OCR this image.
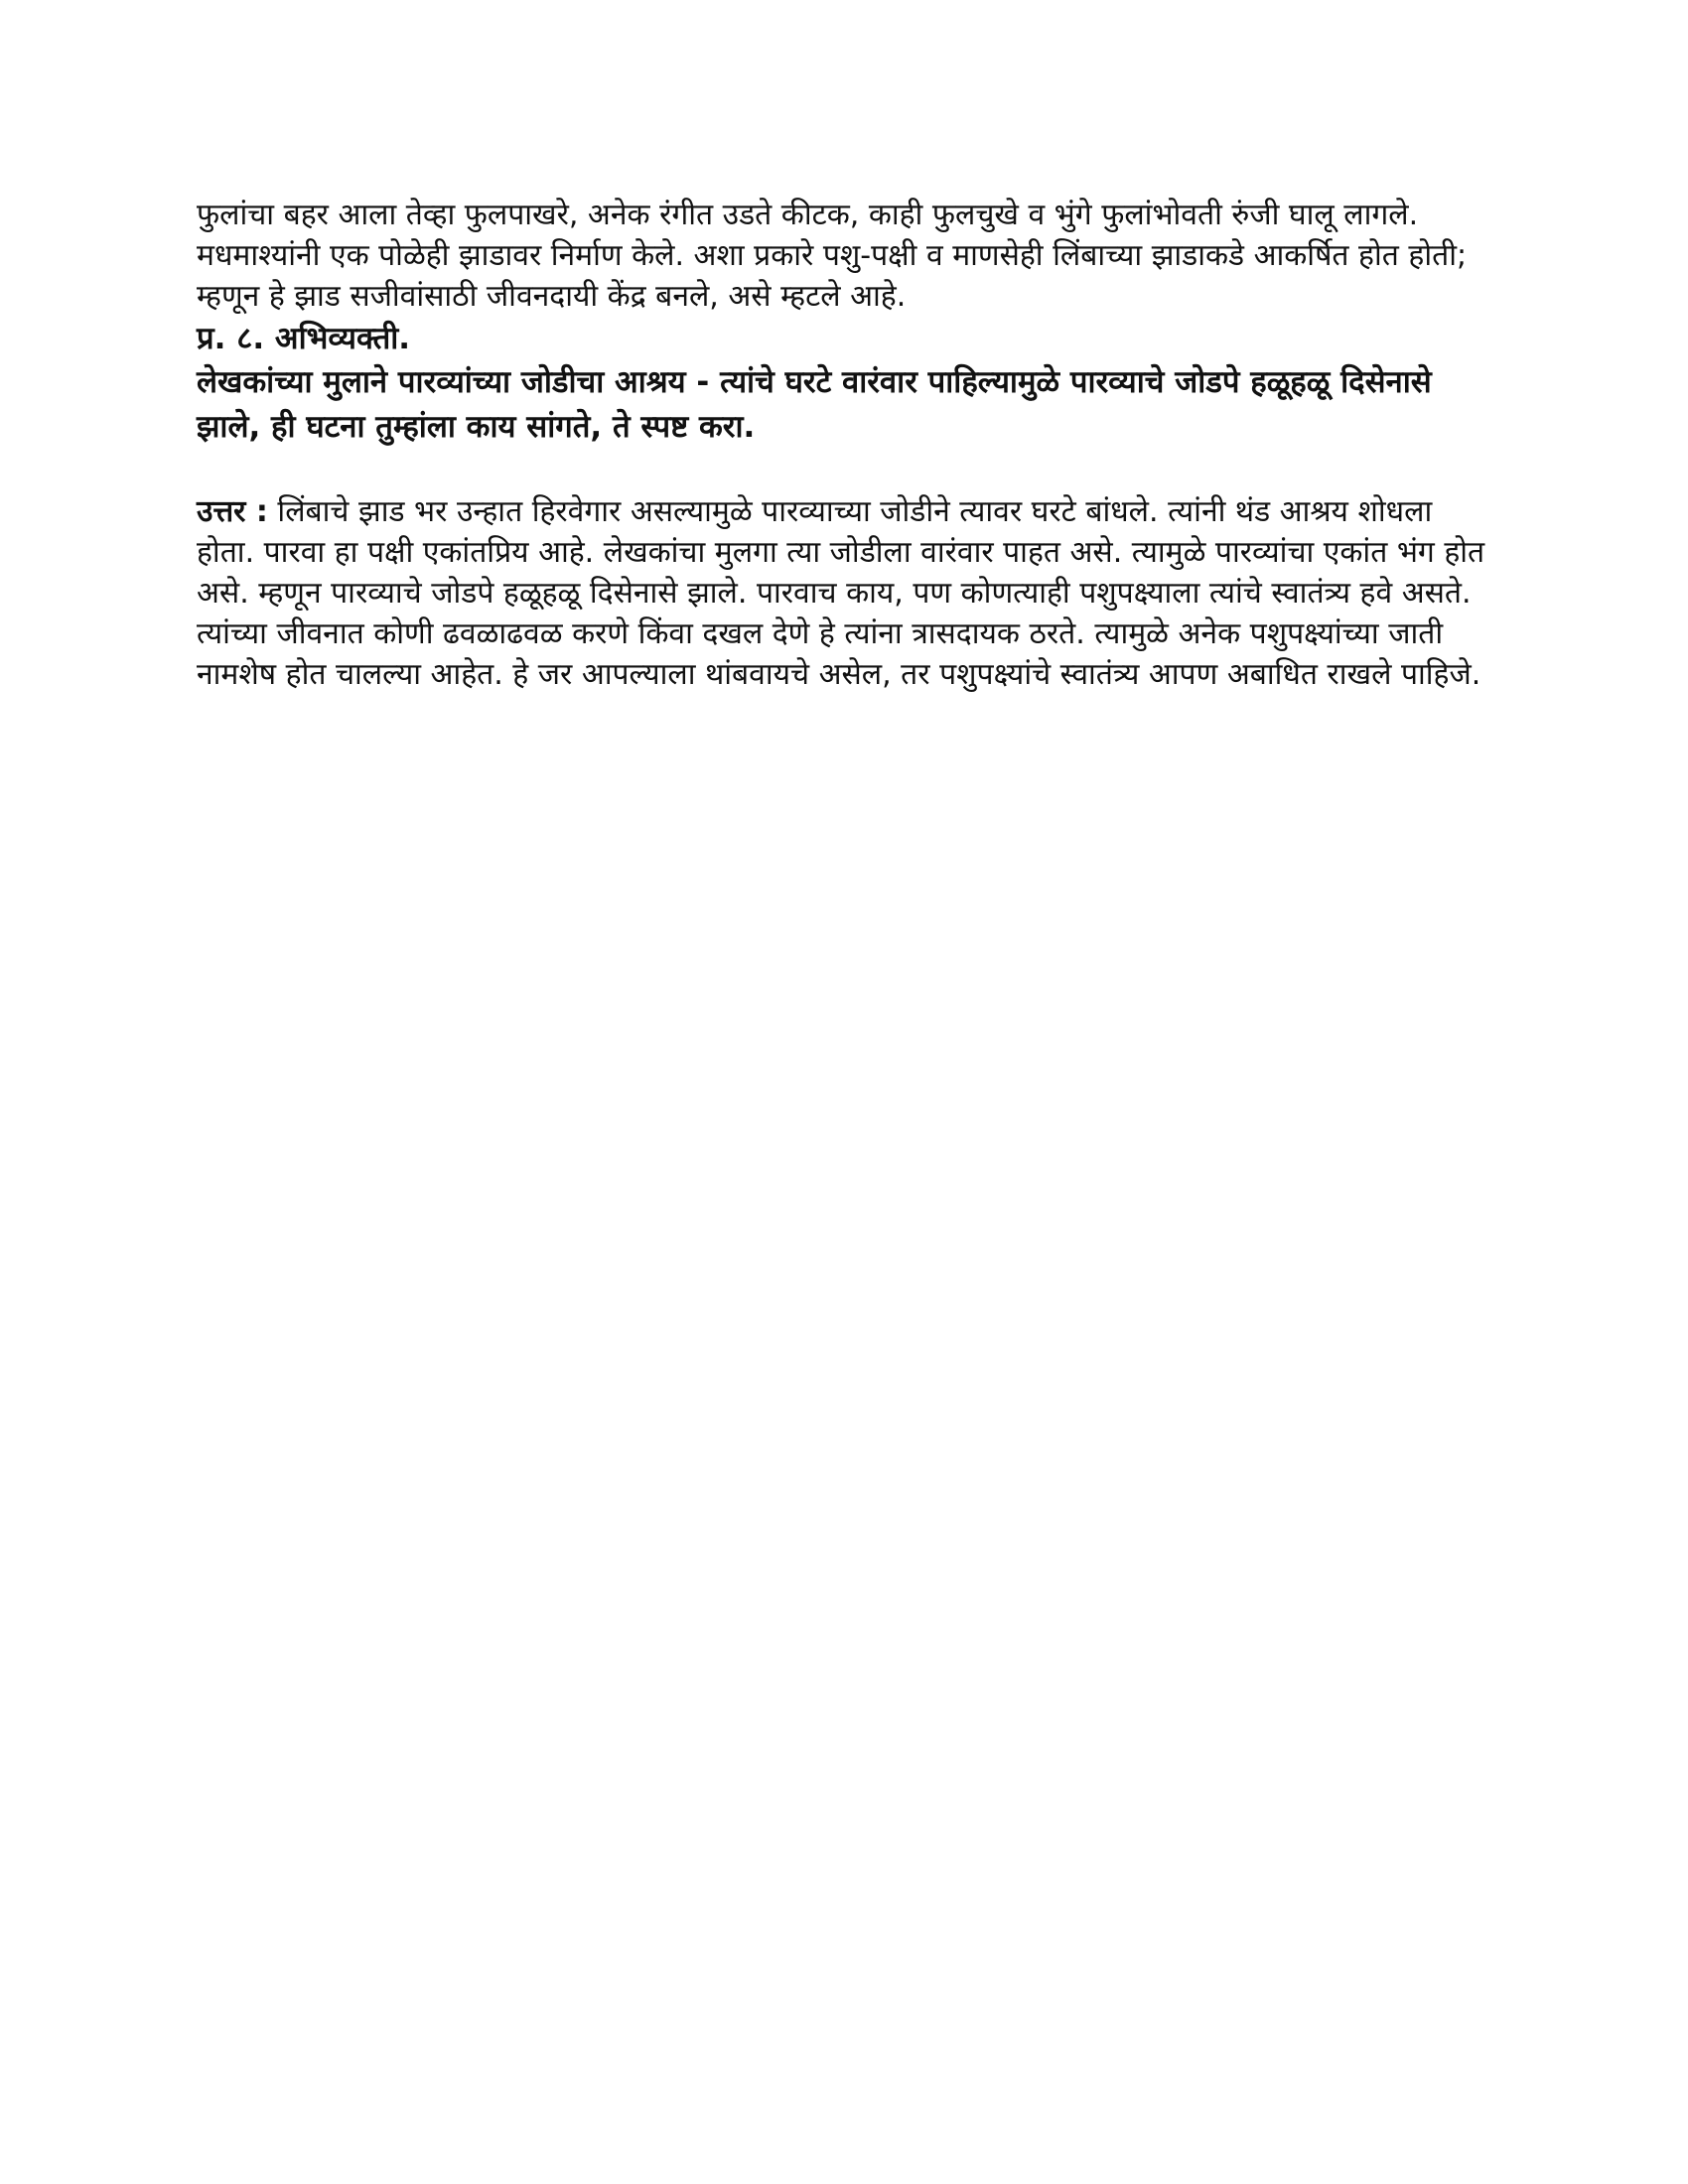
फुलांचा बहर आला तेव्हा फुलपाखरे, अनेक रंगीत उडते कीटक, काही फुलचुखे व भुंगे फुलांभोवती रुंजी घालू लागले. मधमाश्यांनी एक पोळेही झाडावर निर्माण केले. अशा प्रकारे पशु-पक्षी व माणसेही लिंबाच्या झाडाकडे आकर्षित होत होती; म्हणून हे झाड सजीवांसाठी जीवनदायी केंद्र बनले, असे म्हटले आहे.

प्र. ८. अभिव्यक्ती.

लेखकांच्या मुलाने पारव्यांच्या जोडीचा आश्रय - त्यांचे घरटे वारंवार पाहिल्यामुळे पारव्याचे जोडपे हळूहळू दिसेनासे झाले, ही घटना तुम्हांला काय सांगते, ते स्पष्ट करा.

उत्तर : लिंबाचे झाड भर उन्हात हिरवेगार असल्यामुळे पारव्याच्या जोडीने त्यावर घरटे बांधले. त्यांनी थंड आश्रय शोधला होता. पारवा हा पक्षी एकांतप्रिय आहे. लेखकांचा मुलगा त्या जोडीला वारंवार पाहत असे. त्यामुळे पारव्यांचा एकांत भंग होत असे. म्हणून पारव्याचे जोडपे हळूहळू दिसेनासे झाले. पारवाच काय, पण कोणत्याही पशुपक्ष्याला त्यांचे स्वातंत्र्य हवे असते. त्यांच्या जीवनात कोणी ढवळाढवळ करणे किंवा दखल देणे हे त्यांना त्रासदायक ठरते. त्यामुळे अनेक पशुपक्ष्यांच्या जाती नामशेष होत चालल्या आहेत. हे जर आपल्याला थांबवायचे असेल, तर पशुपक्ष्यांचे स्वातंत्र्य आपण अबाधित राखले पाहिजे.
